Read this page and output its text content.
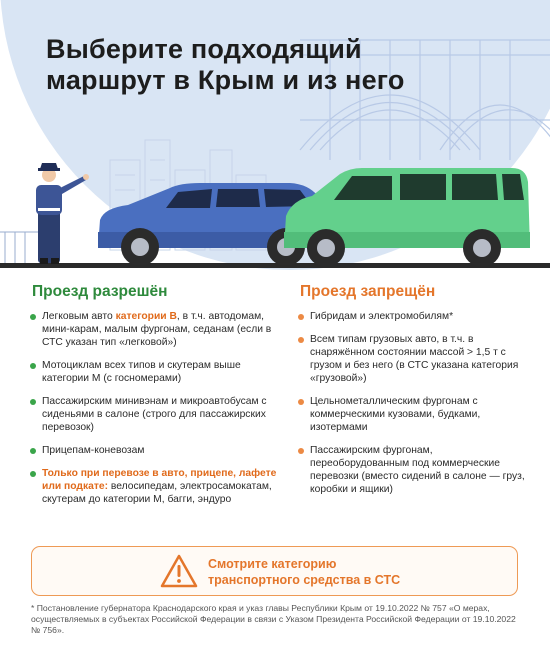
Выберите подходящий
маршрут в Крым и из него
Проезд разрешён
Легковым авто категории B, в т.ч. автодомам, мини-карам, малым фургонам, седанам (если в СТС указан тип «легковой»)
Мотоциклам всех типов и скутерам выше категории M (с госномерами)
Пассажирским минивэнам и микроавтобусам с сиденьями в салоне (строго для пассажирских перевозок)
Прицепам-коневозам
Только при перевозе в авто, прицепе, лафете или подкате: велосипедам, электросамокатам, скутерам до категории M, багги, эндуро
Проезд запрещён
Гибридам и электромобилям*
Всем типам грузовых авто, в т.ч. в снаряжённом состоянии массой > 1,5 т с грузом и без него (в СТС указана категория «грузовой»)
Цельнометаллическим фургонам с коммерческими кузовами, будками, изотермами
Пассажирским фургонам, переоборудованным под коммерческие перевозки (вместо сидений в салоне — груз, коробки и ящики)
Смотрите категорию
транспортного средства в СТС

* Постановление губернатора Краснодарского края и указ главы Республики Крым от 19.10.2022 № 757 «О мерах, осуществляемых в субъектах Российской Федерации в связи с Указом Президента Российской Федерации от 19.10.2022 № 756».
